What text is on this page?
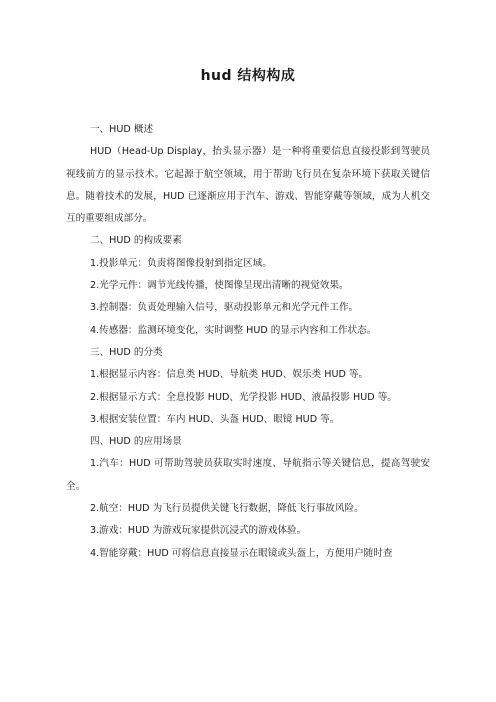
hud 结构构成

一、HUD 概述

HUD（Head-Up Display，抬头显示器）是一种将重要信息直接投影到驾驶员视线前方的显示技术。它起源于航空领域，用于帮助飞行员在复杂环境下获取关键信息。随着技术的发展，HUD 已逐渐应用于汽车、游戏、智能穿戴等领域，成为人机交互的重要组成部分。

二、HUD 的构成要素

1.投影单元：负责将图像投射到指定区域。

2.光学元件：调节光线传播，使图像呈现出清晰的视觉效果。

3.控制器：负责处理输入信号，驱动投影单元和光学元件工作。

4.传感器：监测环境变化，实时调整 HUD 的显示内容和工作状态。

三、HUD 的分类

1.根据显示内容：信息类 HUD、导航类 HUD、娱乐类 HUD 等。

2.根据显示方式：全息投影 HUD、光学投影 HUD、液晶投影 HUD 等。

3.根据安装位置：车内 HUD、头盔 HUD、眼镜 HUD 等。

四、HUD 的应用场景

1.汽车：HUD 可帮助驾驶员获取实时速度、导航指示等关键信息，提高驾驶安全。

2.航空：HUD 为飞行员提供关键飞行数据，降低飞行事故风险。

3.游戏：HUD 为游戏玩家提供沉浸式的游戏体验。

4.智能穿戴：HUD 可将信息直接显示在眼镜或头盔上，方便用户随时查
